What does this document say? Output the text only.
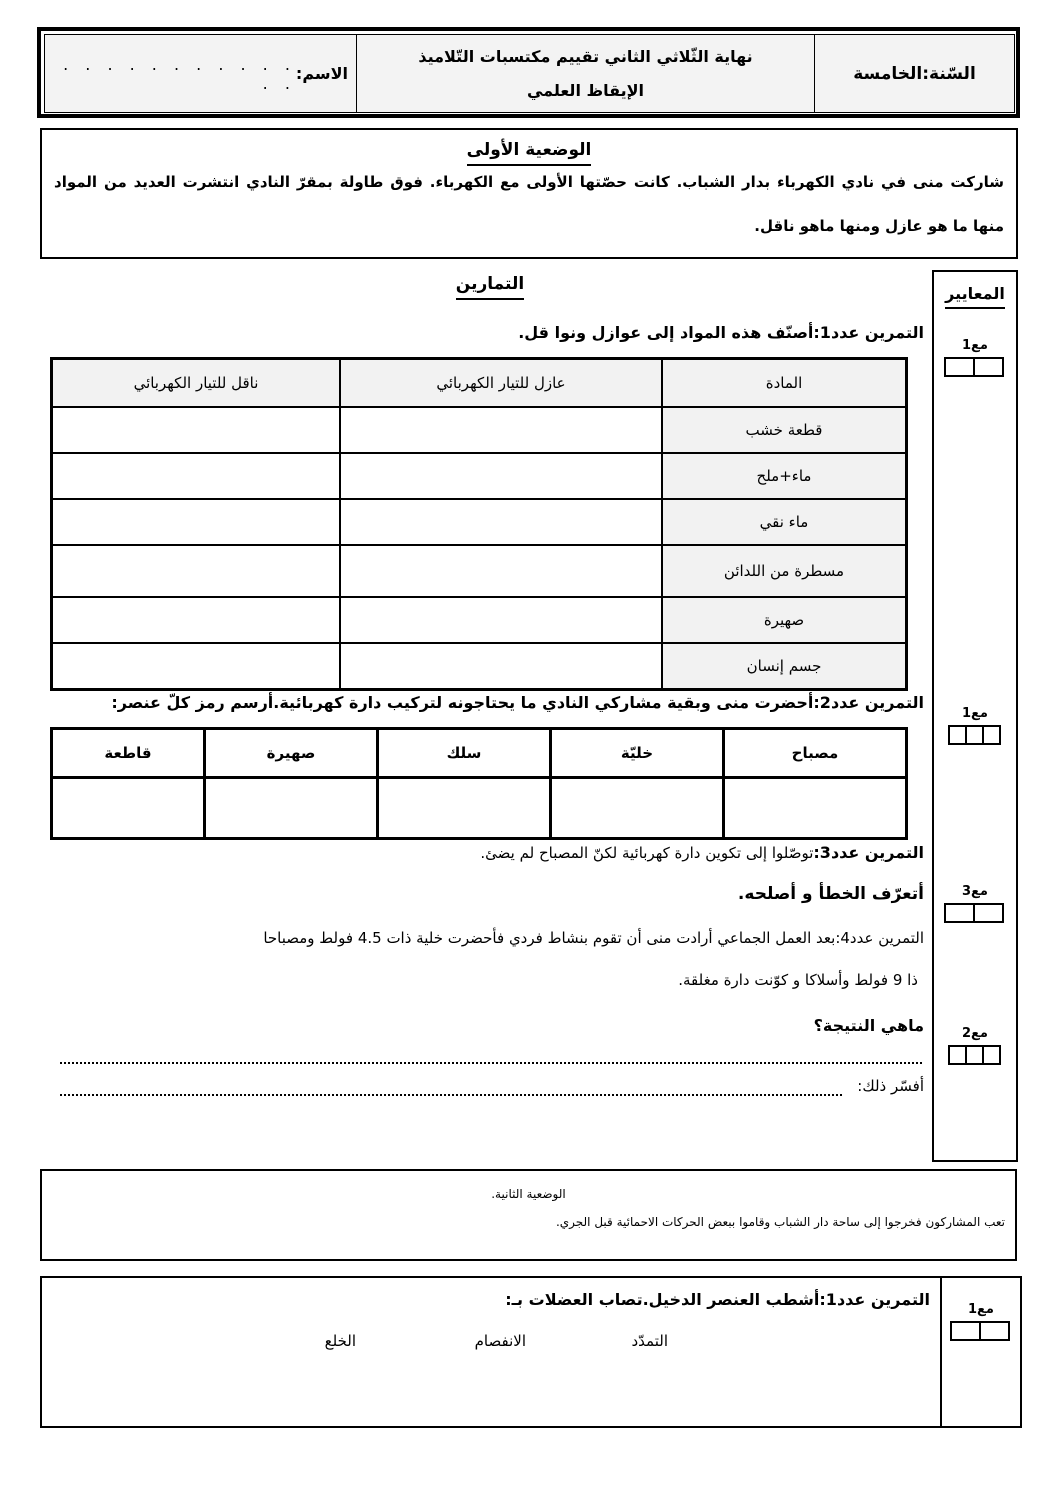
السّنة:الخامسة
نهاية الثّلاثي الثاني تقييم مكتسبات التّلاميذ
الإيقاظ العلمي
الاسم:
. . . . . . . . . . . . .
الوضعية الأولى
شاركت منى في نادي الكهرباء بدار الشباب. كانت حصّتها الأولى مع الكهرباء. فوق طاولة بمقرّ النادي انتشرت العديد من المواد منها ما هو عازل ومنها ماهو ناقل.
المعايير
مع1
مع1
مع3
مع2
التمارين
التمرين عدد1:أصنّف هذه المواد إلى عوازل ونوا قل.
المادة	عازل للتيار الكهربائي	ناقل للتيار الكهربائي
قطعة خشب		
ماء+ملح		
ماء نقي		
مسطرة من اللدائن		
صهيرة		
جسم إنسان		
التمرين عدد2:أحضرت منى وبقية مشاركي النادي ما يحتاجونه لتركيب دارة كهربائية.أرسم رمز كلّ عنصر:
مصباح	خليّة	سلك	صهيرة	قاطعة

التمرين عدد3:توصّلوا إلى تكوين دارة كهربائية لكنّ المصباح لم يضئ.
أتعرّف الخطأ و أصلحه.
التمرين عدد4:بعد العمل الجماعي أرادت منى أن تقوم بنشاط فردي فأحضرت خلية ذات 4.5 فولط ومصباحا
ذا 9 فولط وأسلاكا و كوّنت دارة مغلقة.
ماهي النتيجة؟
أفسّر ذلك:
الوضعية الثانية.
تعب المشاركون فخرجوا إلى ساحة دار الشباب وقاموا ببعض الحركات الاحمائية قبل الجري.
مع1
التمرين عدد1:أشطب العنصر الدخيل.تصاب العضلات بـ:
التمدّد
الانفصام
الخلع
